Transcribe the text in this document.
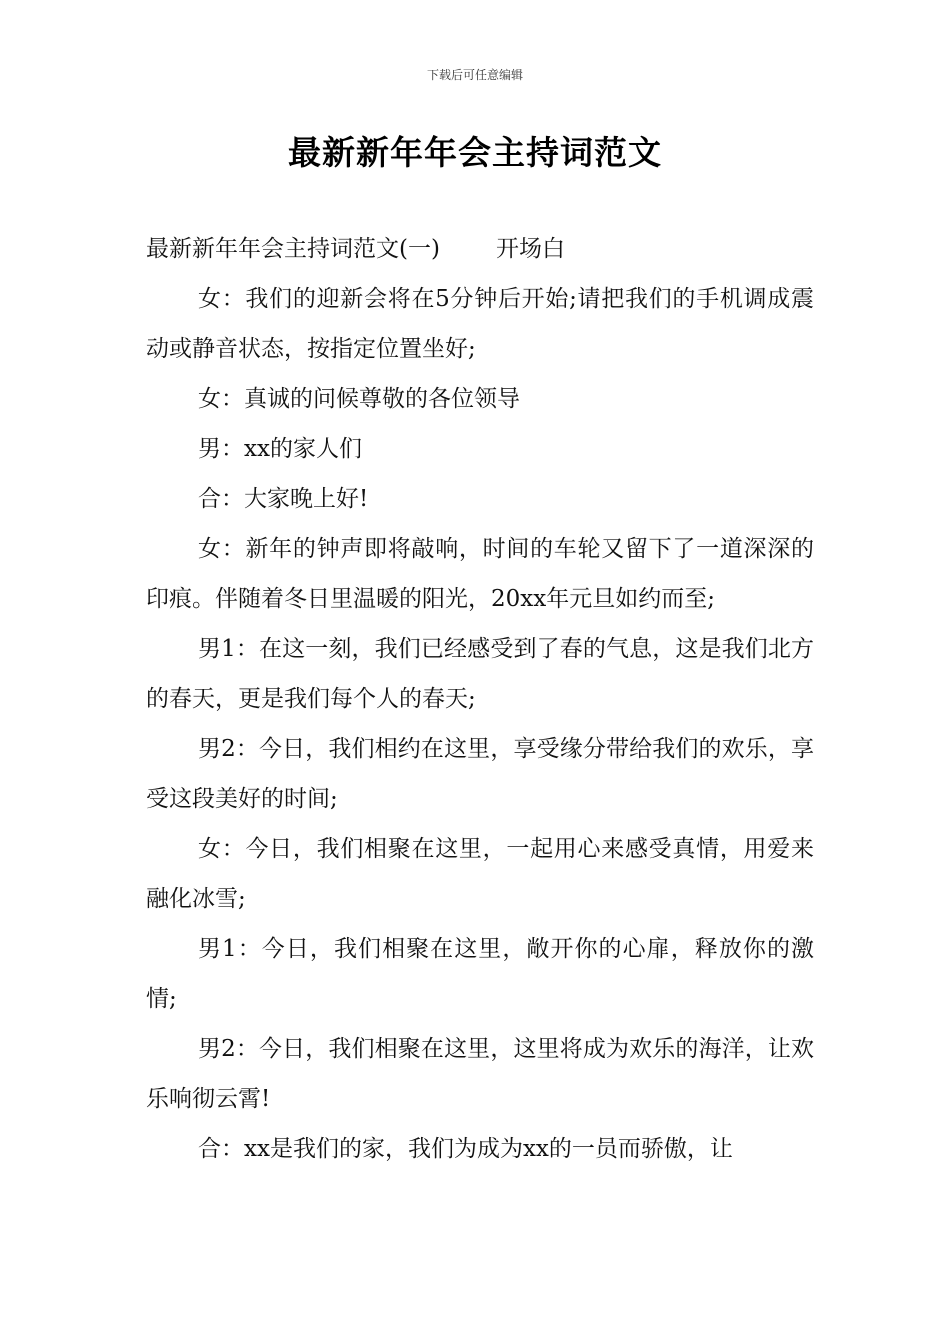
下载后可任意编辑
最新新年年会主持词范文

最新新年年会主持词范文(一) 开场白

女：我们的迎新会将在5分钟后开始;请把我们的手机调成震动或静音状态，按指定位置坐好;

女：真诚的问候尊敬的各位领导

男：xx的家人们

合：大家晚上好!

女：新年的钟声即将敲响，时间的车轮又留下了一道深深的印痕。伴随着冬日里温暖的阳光，20xx年元旦如约而至;

男1：在这一刻，我们已经感受到了春的气息，这是我们北方的春天，更是我们每个人的春天;

男2：今日，我们相约在这里，享受缘分带给我们的欢乐，享受这段美好的时间;

女：今日，我们相聚在这里，一起用心来感受真情，用爱来融化冰雪;

男1：今日，我们相聚在这里，敞开你的心扉，释放你的激情;

男2：今日，我们相聚在这里，这里将成为欢乐的海洋，让欢乐响彻云霄!

合：xx是我们的家，我们为成为xx的一员而骄傲，让
